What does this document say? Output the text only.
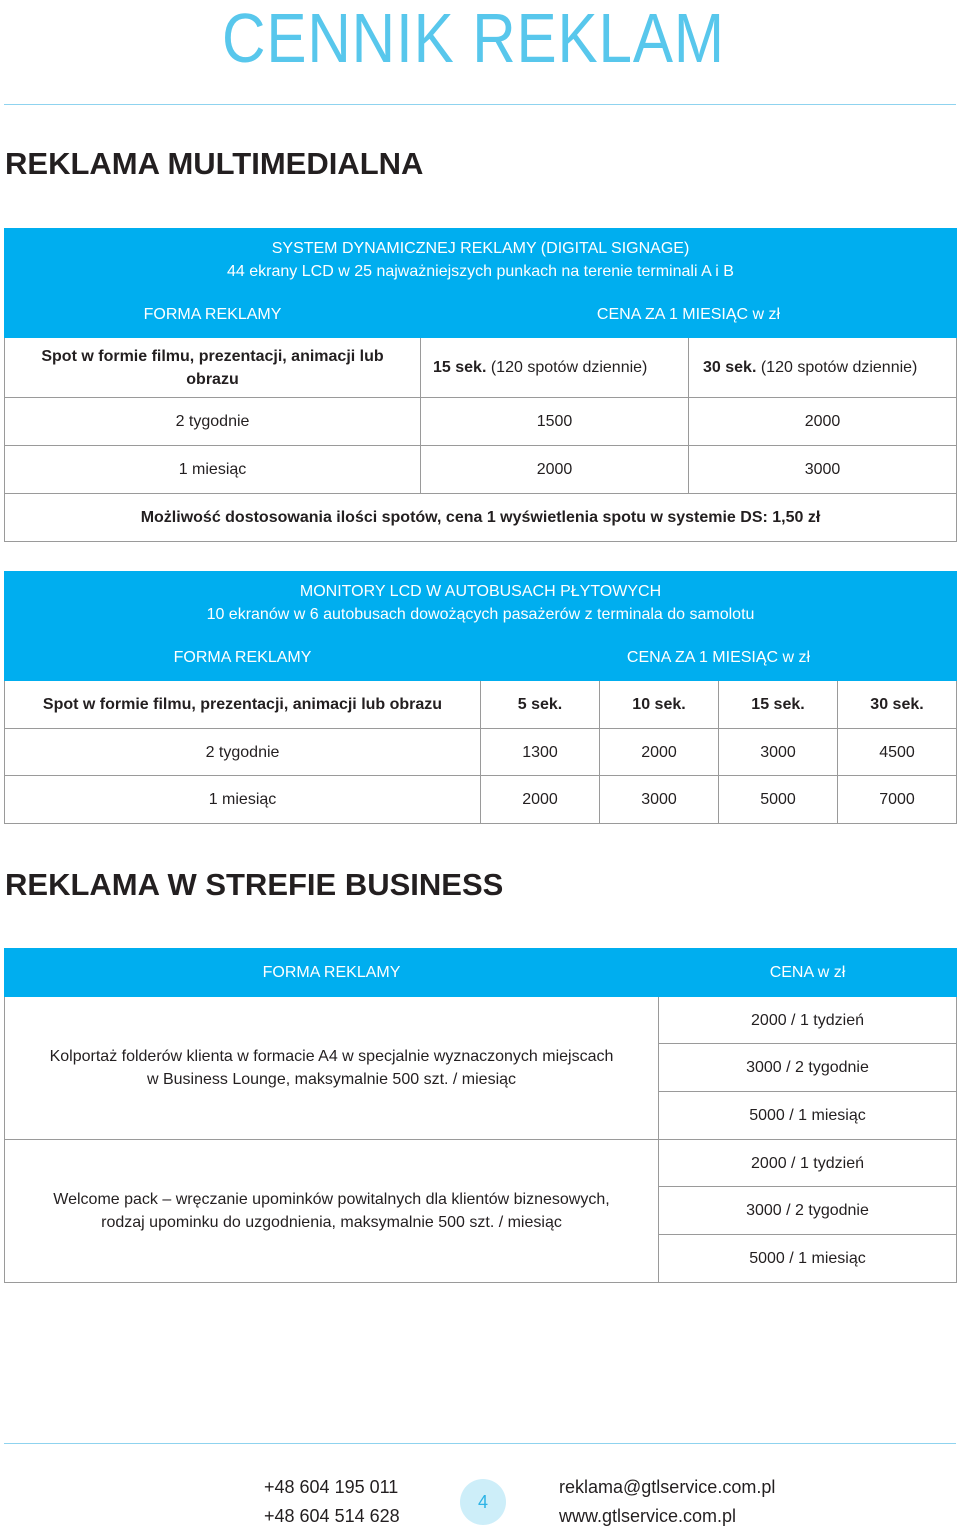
CENNIK REKLAM
REKLAMA MULTIMEDIALNA
SYSTEM DYNAMICZNEJ REKLAMY (DIGITAL SIGNAGE)
44 ekrany LCD w 25 najważniejszych punkach na terenie terminali A i B		

FORMA REKLAMY	CENA ZA 1 MIESIĄC w zł	
Spot w formie filmu, prezentacji, animacji lub obrazu	15 sek. (120 spotów dziennie)	30 sek. (120 spotów dziennie)
2 tygodnie	1500	2000
1 miesiąc	2000	3000
Możliwość dostosowania ilości spotów, cena 1 wyświetlenia spotu w systemie DS: 1,50 zł		
MONITORY LCD W AUTOBUSACH PŁYTOWYCH
10 ekranów w 6 autobusach dowożących pasażerów z terminala do samolotu				

FORMA REKLAMY	CENA ZA 1 MIESIĄC w zł			
Spot w formie filmu, prezentacji, animacji lub obrazu	5 sek.	10 sek.	15 sek.	30 sek.
2 tygodnie	1300	2000	3000	4500
1 miesiąc	2000	3000	5000	7000
REKLAMA W STREFIE BUSINESS
FORMA REKLAMY	CENA w zł

Kolportaż folderów klienta w formacie A4 w specjalnie wyznaczonych miejscach
w Business Lounge, maksymalnie 500 szt. / miesiąc	2000 / 1 tydzień
	3000 / 2 tygodnie
	5000 / 1 miesiąc

Welcome pack – wręczanie upominków powitalnych dla klientów biznesowych,
rodzaj upominku do uzgodnienia, maksymalnie 500 szt. / miesiąc	2000 / 1 tydzień
	3000 / 2 tygodnie
	5000 / 1 miesiąc
+48 604 195 011
+48 604 514 628
4
reklama@gtlservice.com.pl
www.gtlservice.com.pl
